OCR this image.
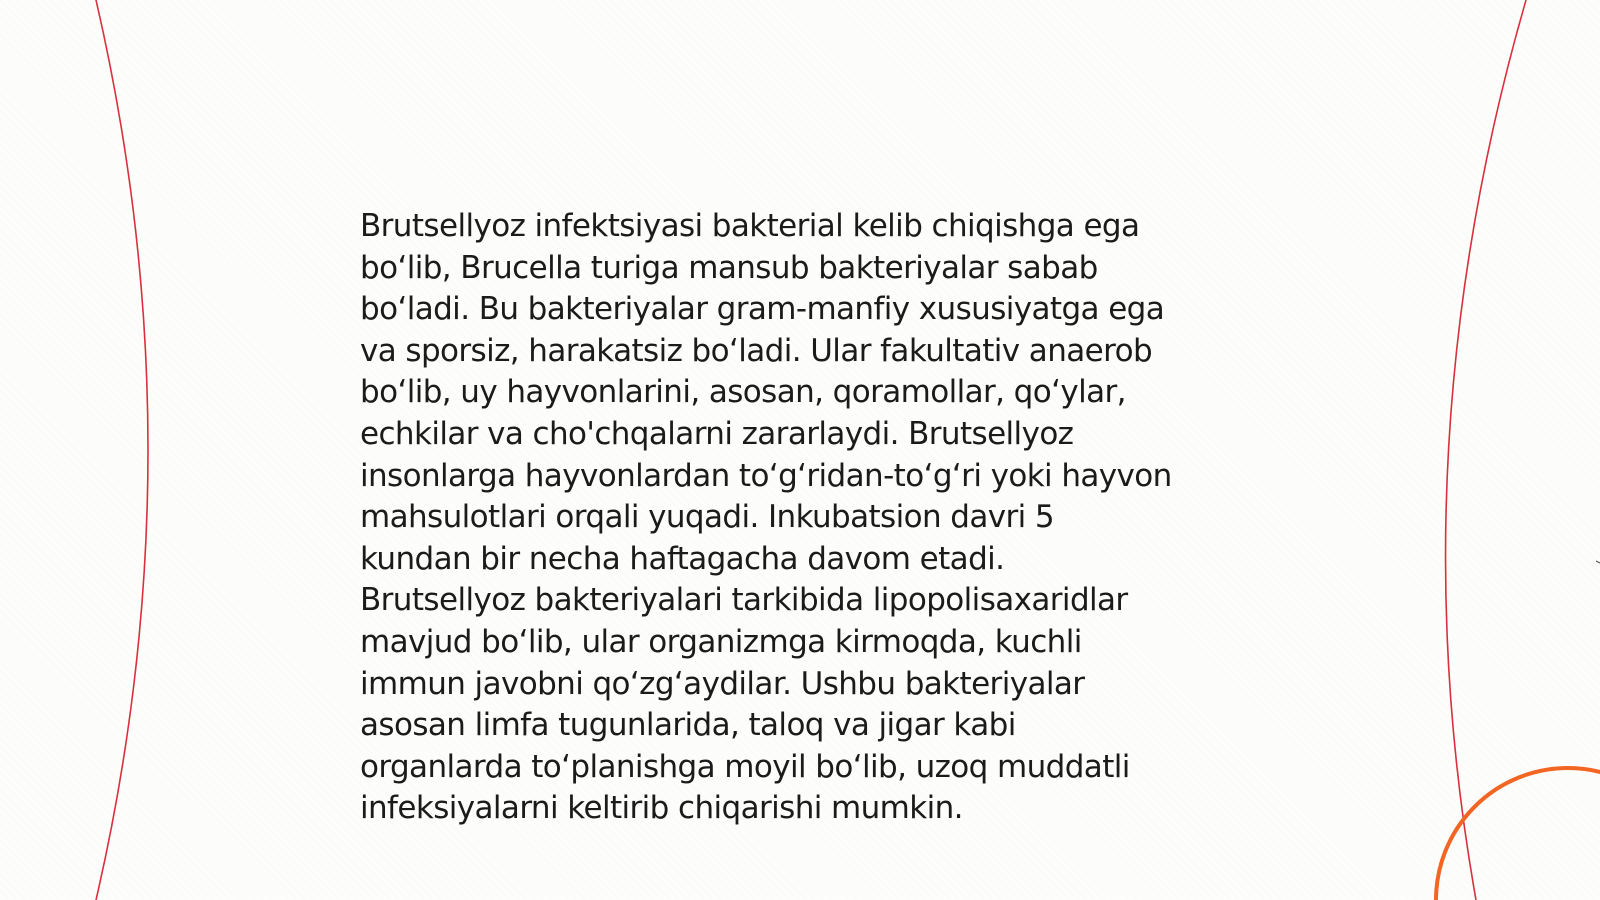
Brutsellyoz infektsiyasi bakterial kelib chiqishga ega
bo‘lib, Brucella turiga mansub bakteriyalar sabab
bo‘ladi. Bu bakteriyalar gram-manfiy xususiyatga ega
va sporsiz, harakatsiz bo‘ladi. Ular fakultativ anaerob
bo‘lib, uy hayvonlarini, asosan, qoramollar, qo‘ylar,
echkilar va cho'chqalarni zararlaydi. Brutsellyoz
insonlarga hayvonlardan to‘g‘ridan-to‘g‘ri yoki hayvon
mahsulotlari orqali yuqadi. Inkubatsion davri 5
kundan bir necha haftagacha davom etadi.
Brutsellyoz bakteriyalari tarkibida lipopolisaxaridlar
mavjud bo‘lib, ular organizmga kirmoqda, kuchli
immun javobni qo‘zg‘aydilar. Ushbu bakteriyalar
asosan limfa tugunlarida, taloq va jigar kabi
organlarda to‘planishga moyil bo‘lib, uzoq muddatli
infeksiyalarni keltirib chiqarishi mumkin.
